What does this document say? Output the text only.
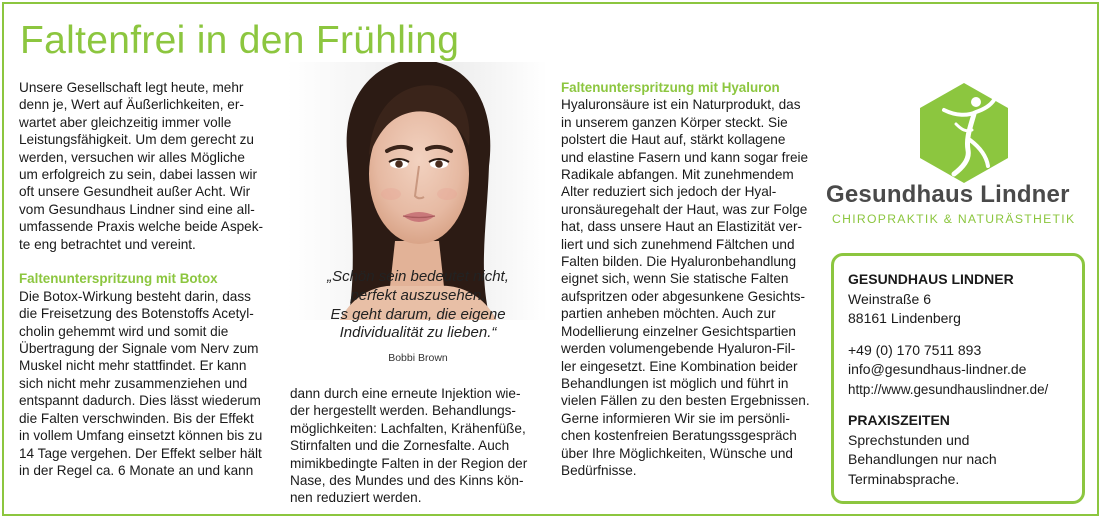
Faltenfrei in den Frühling

Unsere Gesellschaft legt heute, mehr

denn je, Wert auf Äußerlichkeiten, er-

wartet aber gleichzeitig immer volle

Leistungsfähigkeit. Um dem gerecht zu

werden, versuchen wir alles Mögliche

um erfolgreich zu sein, dabei lassen wir

oft unsere Gesundheit außer Acht. Wir

vom Gesundhaus Lindner sind eine all-

umfassende Praxis welche beide Aspek-

te eng betrachtet und vereint.

Faltenunterspritzung mit Botox

Die Botox-Wirkung besteht darin, dass

die Freisetzung des Botenstoffs Acetyl-

cholin gehemmt wird und somit die

Übertragung der Signale vom Nerv zum

Muskel nicht mehr stattfindet. Er kann

sich nicht mehr zusammenziehen und

entspannt dadurch. Dies lässt wiederum

die Falten verschwinden. Bis der Effekt

in vollem Umfang einsetzt können bis zu

14 Tage vergehen. Der Effekt selber hält

in der Regel ca. 6 Monate an und kann

„Schön sein bedeutet nicht,
perfekt auszusehen.
Es geht darum, die eigene
Individualität zu lieben.“
Bobbi Brown

dann durch eine erneute Injektion wie-

der hergestellt werden. Behandlungs-

möglichkeiten: Lachfalten, Krähenfüße,

Stirnfalten und die Zornesfalte. Auch

mimikbedingte Falten in der Region der

Nase, des Mundes und des Kinns kön-

nen reduziert werden.

Faltenunterspritzung mit Hyaluron

Hyaluronsäure ist ein Naturprodukt, das

in unserem ganzen Körper steckt. Sie

polstert die Haut auf, stärkt kollagene

und elastine Fasern und kann sogar freie

Radikale abfangen. Mit zunehmendem

Alter reduziert sich jedoch der Hyal-

uronsäuregehalt der Haut, was zur Folge

hat, dass unsere Haut an Elastizität ver-

liert und sich zunehmend Fältchen und

Falten bilden. Die Hyaluronbehandlung

eignet sich, wenn Sie statische Falten

aufspritzen oder abgesunkene Gesichts-

partien anheben möchten. Auch zur

Modellierung einzelner Gesichtspartien

werden volumengebende Hyaluron-Fil-

ler eingesetzt. Eine Kombination beider

Behandlungen ist möglich und führt in

vielen Fällen zu den besten Ergebnissen.

Gerne informieren Wir sie im persönli-

chen kostenfreien Beratungssgespräch

über Ihre Möglichkeiten, Wünsche und

Bedürfnisse.

Gesundhaus Lindner
CHIROPRAKTIK & NATURÄSTHETIK
GESUNDHAUS LINDNER
Weinstraße 6
88161 Lindenberg
+49 (0) 170 7511 893
info@gesundhaus-lindner.de
http://www.gesundhauslindner.de/
PRAXISZEITEN
Sprechstunden und
Behandlungen nur nach
Terminabsprache.
